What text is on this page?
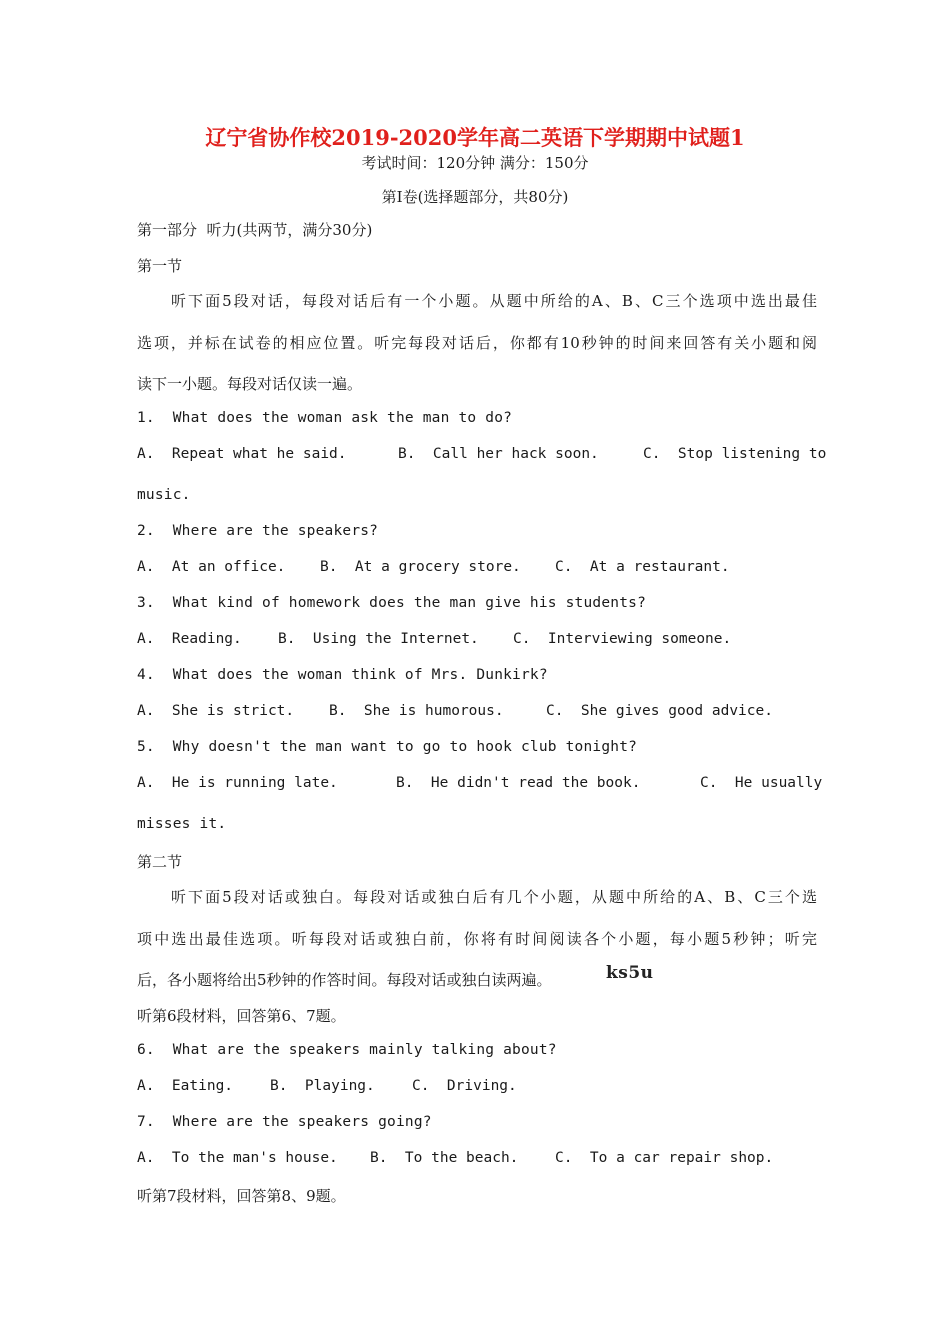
辽宁省协作校2019-2020学年高二英语下学期期中试题1
考试时间：120分钟 满分：150分
第Ⅰ卷(选择题部分，共80分)
第一部分  听力(共两节，满分30分)
第一节
听下面5段对话，每段对话后有一个小题。从题中所给的A、B、C三个选项中选出最佳
选项，并标在试卷的相应位置。听完每段对话后，你都有10秒钟的时间来回答有关小题和阅
读下一小题。每段对话仅读一遍。
1.  What does the woman ask the man to do?
A.  Repeat what he said.	B.  Call her hack soon.	C.  Stop listening to
music.
2.  Where are the speakers?
A.  At an office. B.  At a grocery store. C.  At a restaurant.
3.  What kind of homework does the man give his students?
A.  Reading. B.  Using the Internet. C.  Interviewing someone.
4.  What does the woman think of Mrs. Dunkirk?
A.  She is strict. B.  She is humorous.	C.  She gives good advice.
5.  Why doesn't the man want to go to hook club tonight?
A.  He is running late.	B.  He didn't read the book.	C.  He usually
misses it.
第二节
听下面5段对话或独白。每段对话或独白后有几个小题，从题中所给的A、B、C三个选
项中选出最佳选项。听每段对话或独白前，你将有时间阅读各个小题，每小题5秒钟；听完
后，各小题将给出5秒钟的作答时间。每段对话或独白读两遍。	ks5u
听第6段材料，回答第6、7题。
6.  What are the speakers mainly talking about?
A.  Eating.	B.  Playing.	C.  Driving.
7.  Where are the speakers going?
A.  To the man's house. B.  To the beach.	C.  To a car repair shop.
听第7段材料，回答第8、9题。
